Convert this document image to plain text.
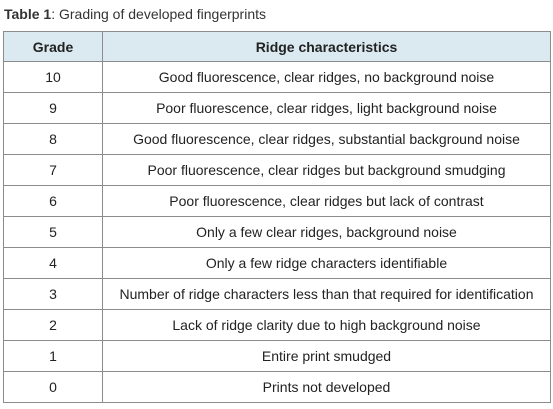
Table 1: Grading of developed fingerprints
Grade	Ridge characteristics
10	Good fluorescence, clear ridges, no background noise
9	Poor fluorescence, clear ridges, light background noise
8	Good fluorescence, clear ridges, substantial background noise
7	Poor fluorescence, clear ridges but background smudging
6	Poor fluorescence, clear ridges but lack of contrast
5	Only a few clear ridges, background noise
4	Only a few ridge characters identifiable
3	Number of ridge characters less than that required for identification
2	Lack of ridge clarity due to high background noise
1	Entire print smudged
0	Prints not developed
